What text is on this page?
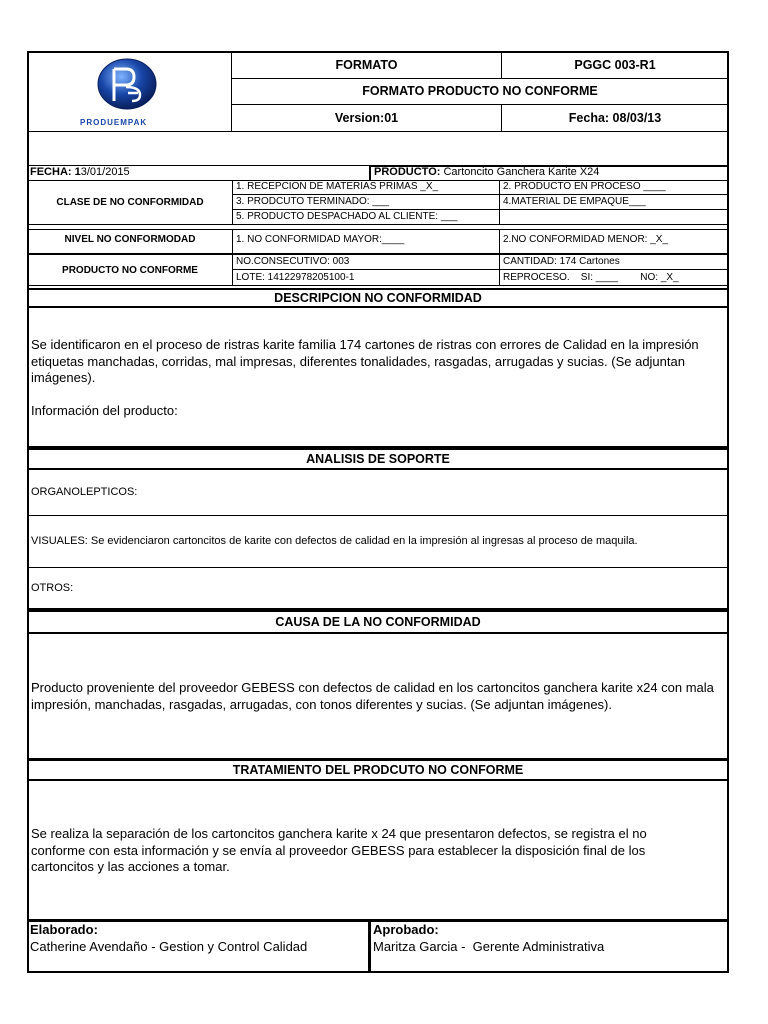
PRODUEMPAK
FORMATO	PGGC 003-R1
FORMATO PRODUCTO NO CONFORME
Version:01	Fecha: 08/03/13
FECHA: 13/01/2015	PRODUCTO: Cartoncito Ganchera Karite X24
CLASE DE NO CONFORMIDAD
1. RECEPCION DE MATERIAS PRIMAS _X_	2. PRODUCTO EN PROCESO ____
3. PRODCUTO TERMINADO: ___	4.MATERIAL DE EMPAQUE___
5. PRODUCTO DESPACHADO AL CLIENTE: ___
NIVEL NO CONFORMODAD	1. NO CONFORMIDAD MAYOR:____	2.NO CONFORMIDAD MENOR: _X_
PRODUCTO NO CONFORME
NO.CONSECUTIVO: 003	CANTIDAD: 174 Cartones
LOTE: 14122978205100-1	REPROCESO.    SI: ____        NO: _X_
DESCRIPCION NO CONFORMIDAD
Se identificaron en el proceso de ristras karite familia 174 cartones de ristras con errores de Calidad en la impresión etiquetas manchadas, corridas, mal impresas, diferentes tonalidades, rasgadas, arrugadas y sucias. (Se adjuntan imágenes).
Información del producto:
ANALISIS DE SOPORTE
ORGANOLEPTICOS:
VISUALES: Se evidenciaron cartoncitos de karite con defectos de calidad en la impresión al ingresas al proceso de maquila.
OTROS:
CAUSA DE LA NO CONFORMIDAD
Producto proveniente del proveedor GEBESS con defectos de calidad en los cartoncitos ganchera karite x24 con mala impresión, manchadas, rasgadas, arrugadas, con tonos diferentes y sucias. (Se adjuntan imágenes).
TRATAMIENTO DEL PRODCUTO NO CONFORME
Se realiza la separación de los cartoncitos ganchera karite x 24 que presentaron defectos, se registra el no conforme con esta información y se envía al proveedor GEBESS para establecer la disposición final de los cartoncitos y las acciones a tomar.
Elaborado:
Catherine Avendaño - Gestion y Control Calidad
Aprobado:
Maritza Garcia -  Gerente Administrativa
